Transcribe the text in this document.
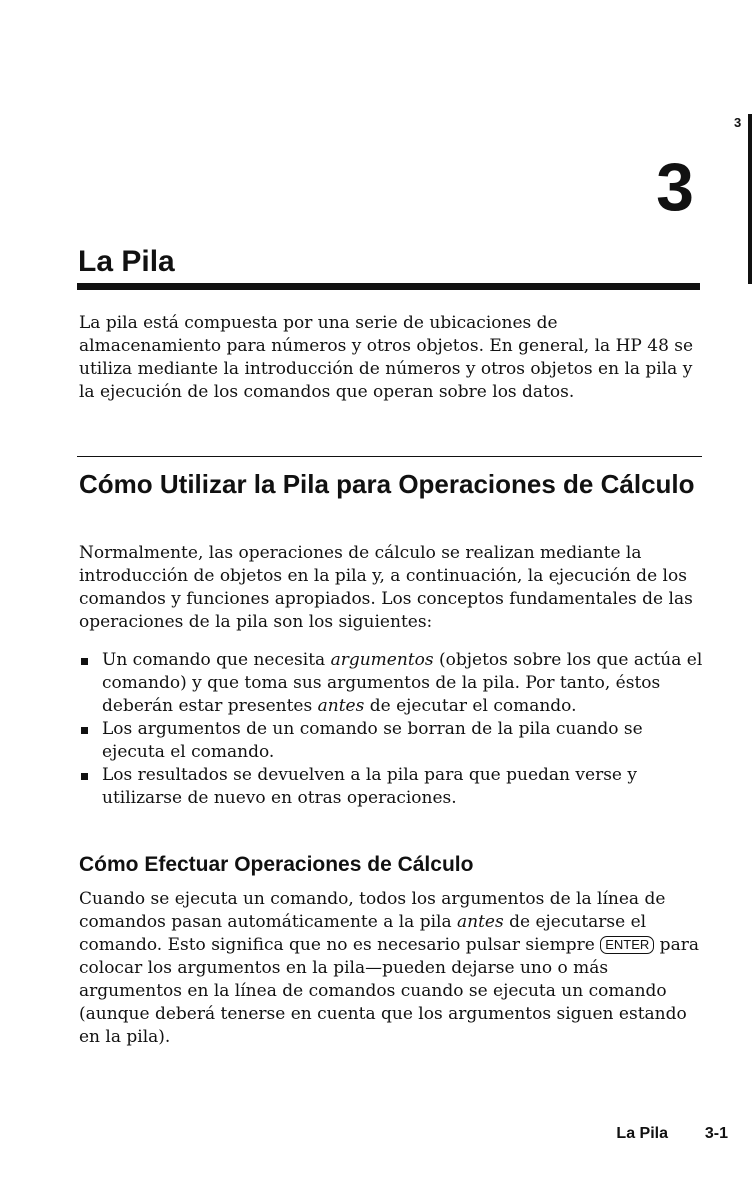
3
3
La Pila

La pila está compuesta por una serie de ubicaciones de almacenamiento para números y otros objetos. En general, la HP 48 se utiliza mediante la introducción de números y otros objetos en la pila y la ejecución de los comandos que operan sobre los datos.

Cómo Utilizar la Pila para Operaciones de Cálculo

Normalmente, las operaciones de cálculo se realizan mediante la introducción de objetos en la pila y, a continuación, la ejecución de los comandos y funciones apropiados. Los conceptos fundamentales de las operaciones de la pila son los siguientes:

Un comando que necesita argumentos (objetos sobre los que actúa el comando) y que toma sus argumentos de la pila. Por tanto, éstos deberán estar presentes antes de ejecutar el comando.
Los argumentos de un comando se borran de la pila cuando se ejecuta el comando.
Los resultados se devuelven a la pila para que puedan verse y utilizarse de nuevo en otras operaciones.
Cómo Efectuar Operaciones de Cálculo

Cuando se ejecuta un comando, todos los argumentos de la línea de comandos pasan automáticamente a la pila antes de ejecutarse el comando. Esto significa que no es necesario pulsar siempre ENTER para colocar los argumentos en la pila—pueden dejarse uno o más argumentos en la línea de comandos cuando se ejecuta un comando (aunque deberá tenerse en cuenta que los argumentos siguen estando en la pila).

La Pila 3-1
